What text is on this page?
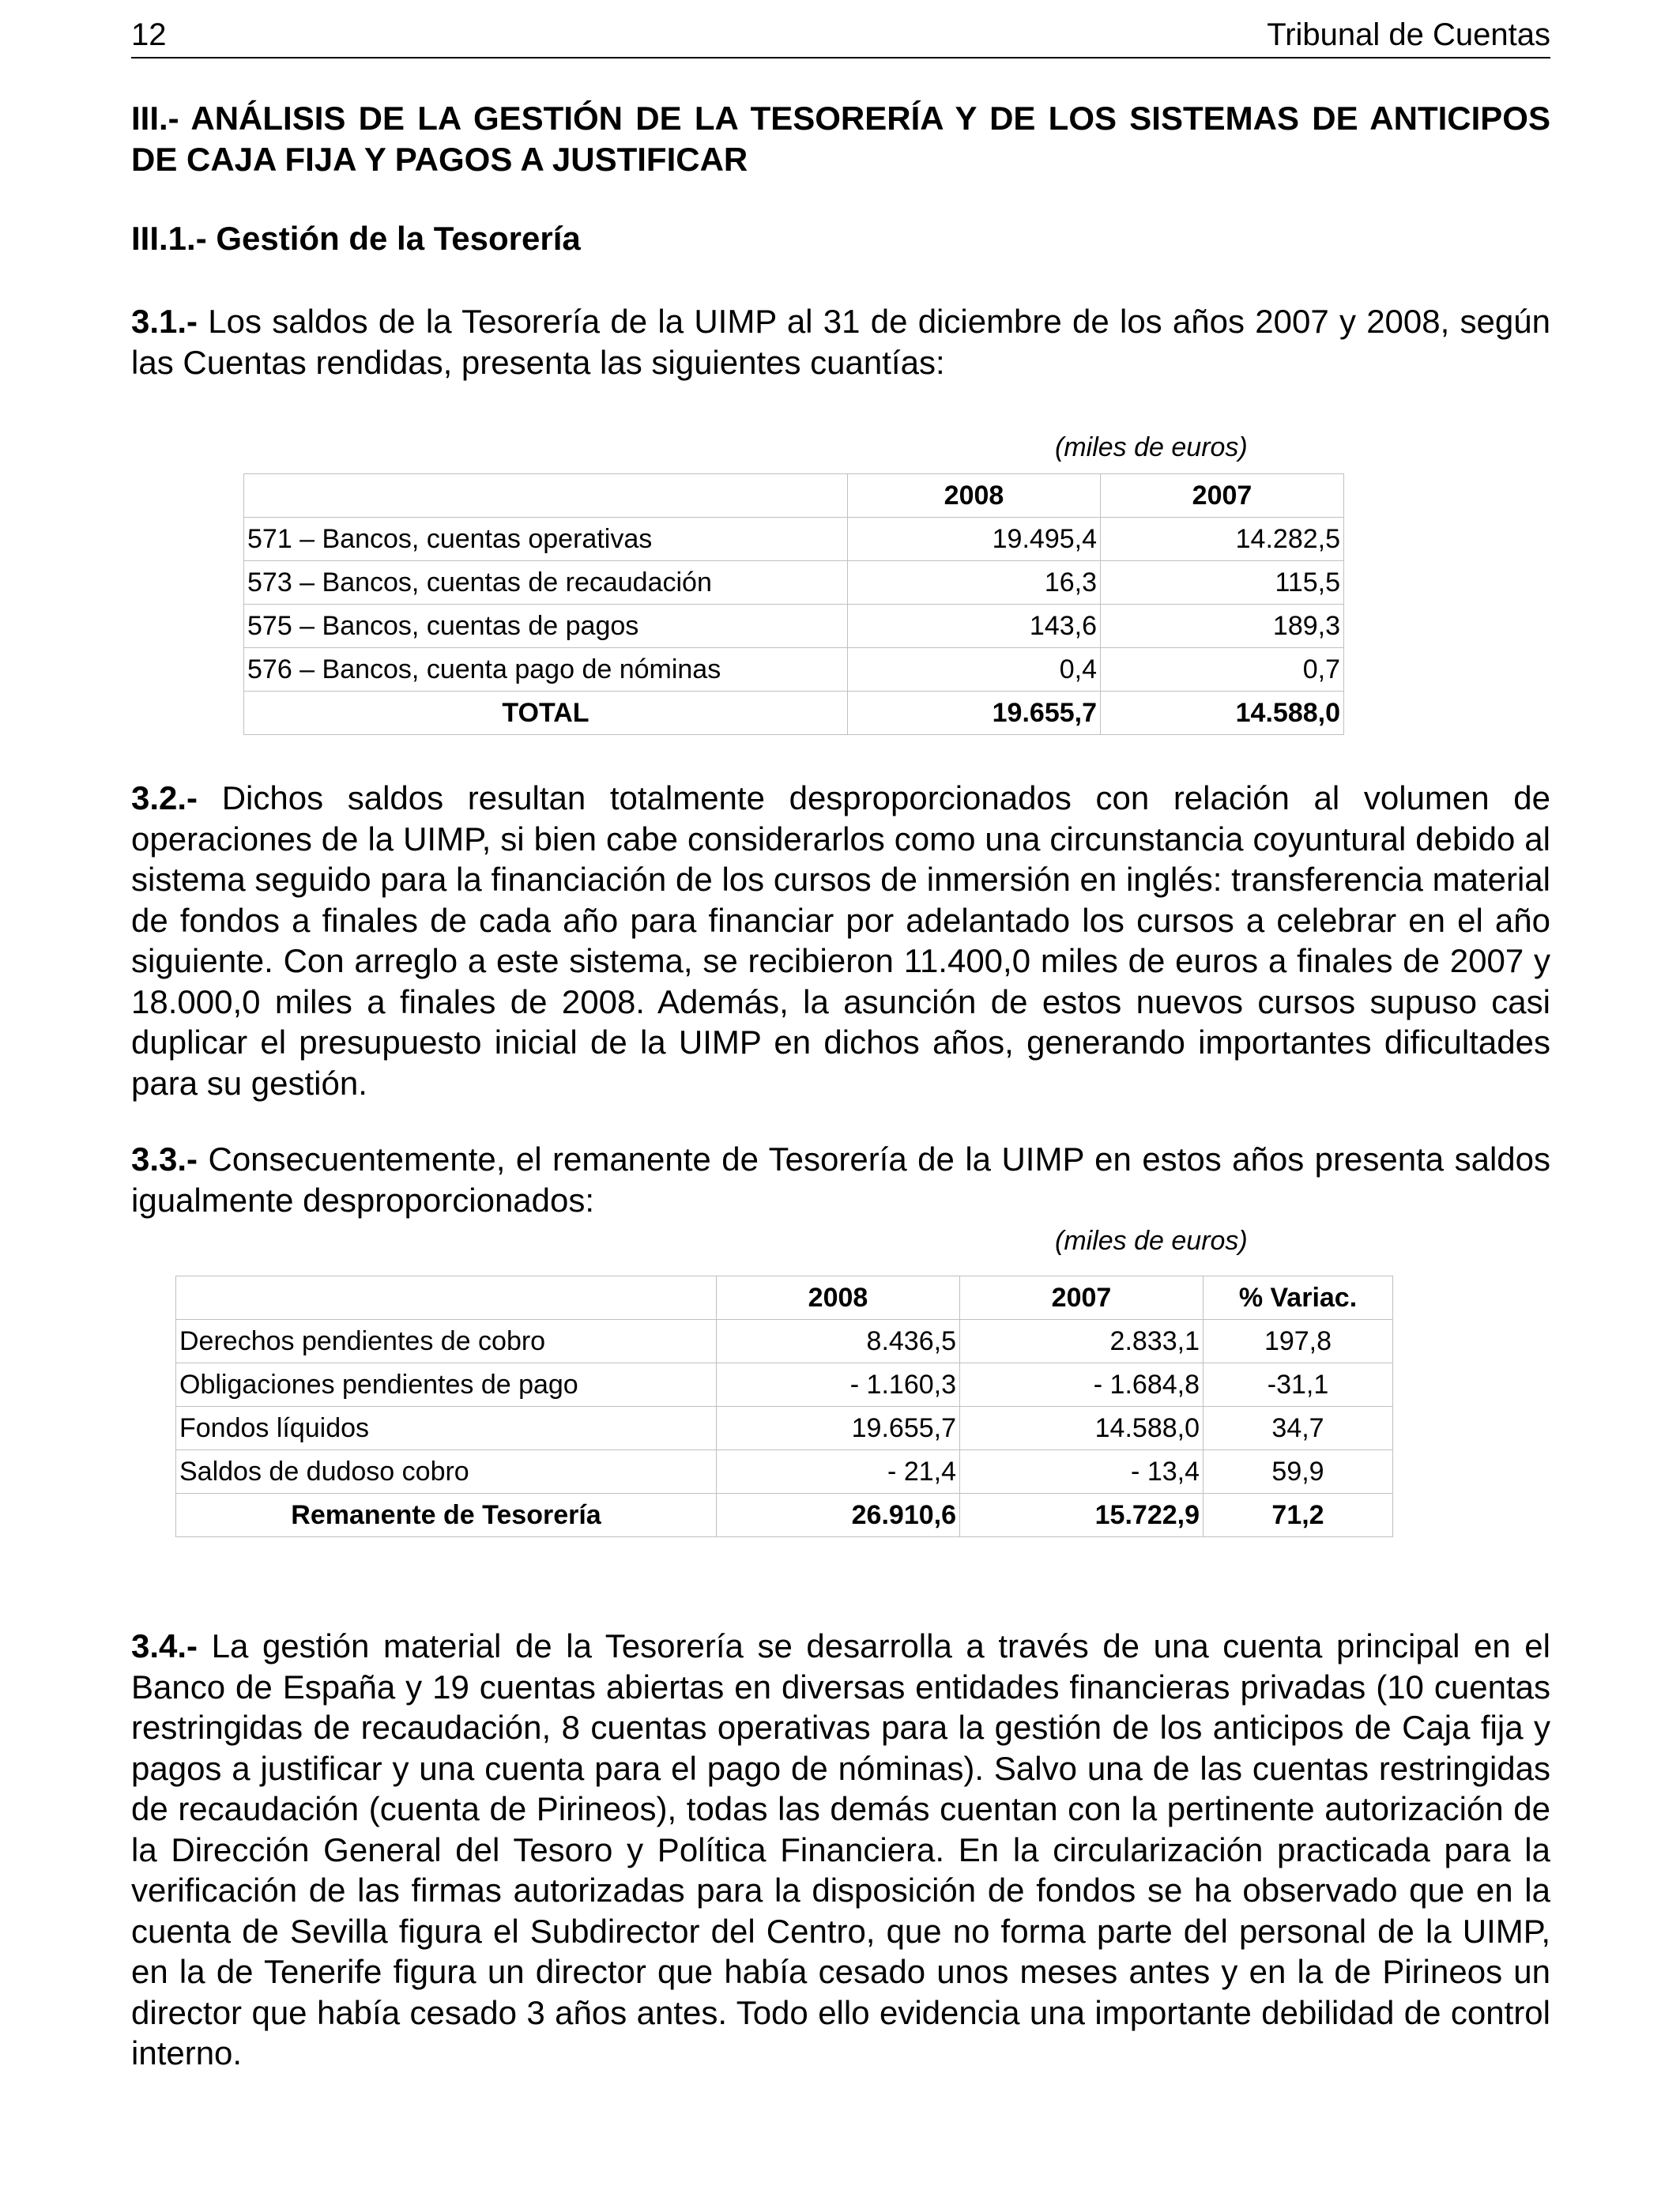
12	Tribunal de Cuentas
III.- ANÁLISIS DE LA GESTIÓN DE LA TESORERÍA Y DE LOS SISTEMAS DE ANTICIPOS DE CAJA FIJA Y PAGOS A JUSTIFICAR
III.1.- Gestión de la Tesorería

3.1.- Los saldos de la Tesorería de la UIMP al 31 de diciembre de los años 2007 y 2008, según las Cuentas rendidas, presenta las siguientes cuantías:

(miles de euros)
	2008	2007
571 – Bancos, cuentas operativas	19.495,4	14.282,5
573 – Bancos, cuentas de recaudación	16,3	115,5
575 – Bancos, cuentas de pagos	143,6	189,3
576 – Bancos, cuenta pago de nóminas	0,4	0,7
TOTAL	19.655,7	14.588,0

3.2.- Dichos saldos resultan totalmente desproporcionados con relación al volumen de operaciones de la UIMP, si bien cabe considerarlos como una circunstancia coyuntural debido al sistema seguido para la financiación de los cursos de inmersión en inglés: transferencia material de fondos a finales de cada año para financiar por adelantado los cursos a celebrar en el año siguiente. Con arreglo a este sistema, se recibieron 11.400,0 miles de euros a finales de 2007 y 18.000,0 miles a finales de 2008. Además, la asunción de estos nuevos cursos supuso casi duplicar el presupuesto inicial de la UIMP en dichos años, generando importantes dificultades para su gestión.

3.3.- Consecuentemente, el remanente de Tesorería de la UIMP en estos años presenta saldos igualmente desproporcionados:

(miles de euros)
	2008	2007	% Variac.
Derechos pendientes de cobro	8.436,5	2.833,1	197,8
Obligaciones pendientes de pago	- 1.160,3	- 1.684,8	-31,1
Fondos líquidos	19.655,7	14.588,0	34,7
Saldos de dudoso cobro	- 21,4	- 13,4	59,9
Remanente de Tesorería	26.910,6	15.722,9	71,2

3.4.- La gestión material de la Tesorería se desarrolla a través de una cuenta principal en el Banco de España y 19 cuentas abiertas en diversas entidades financieras privadas (10 cuentas restringidas de recaudación, 8 cuentas operativas para la gestión de los anticipos de Caja fija y pagos a justificar y una cuenta para el pago de nóminas). Salvo una de las cuentas restringidas de recaudación (cuenta de Pirineos), todas las demás cuentan con la pertinente autorización de la Dirección General del Tesoro y Política Financiera. En la circularización practicada para la verificación de las firmas autorizadas para la disposición de fondos se ha observado que en la cuenta de Sevilla figura el Subdirector del Centro, que no forma parte del personal de la UIMP, en la de Tenerife figura un director que había cesado unos meses antes y en la de Pirineos un director que había cesado 3 años antes. Todo ello evidencia una importante debilidad de control interno.
